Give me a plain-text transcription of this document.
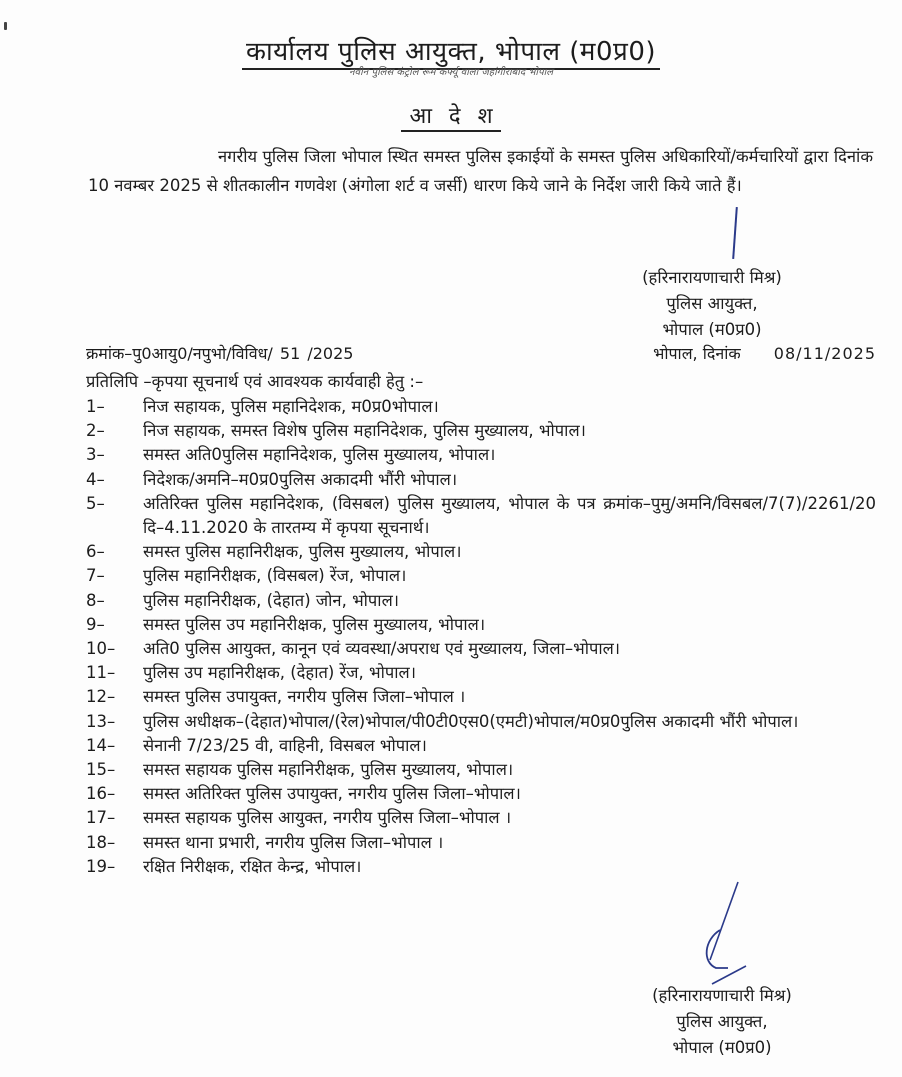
कार्यालय पुलिस आयुक्त, भोपाल (म0प्र0)
नवीन पुलिस कंट्रोल रूम कर्फ्यू वाला जहांगीराबाद भोपाल
आ दे श

नगरीय पुलिस जिला भोपाल स्थित समस्त पुलिस इकाईयों के समस्त पुलिस अधिकारियों/कर्मचारियों द्वारा दिनांक 10 नवम्बर 2025 से शीतकालीन गणवेश (अंगोला शर्ट व जर्सी) धारण किये जाने के निर्देश जारी किये जाते हैं।

(हरिनारायणाचारी मिश्र)
पुलिस आयुक्त,
भोपाल (म0प्र0)
क्रमांक–पु0आयु0/नपुभो/विविध/ 51 /2025	भोपाल, दिनांक 08/11/2025
प्रतिलिपि –कृपया सूचनार्थ एवं आवश्यक कार्यवाही हेतु :–
1–	निज सहायक, पुलिस महानिदेशक, म0प्र0भोपाल।
2–	निज सहायक, समस्त विशेष पुलिस महानिदेशक, पुलिस मुख्यालय, भोपाल।
3–	समस्त अति0पुलिस महानिदेशक, पुलिस मुख्यालय, भोपाल।
4–	निदेशक/अमनि–म0प्र0पुलिस अकादमी भौंरी भोपाल।
5–	अतिरिक्त पुलिस महानिदेशक, (विसबल) पुलिस मुख्यालय, भोपाल के पत्र क्रमांक–पुमु/अमनि/विसबल/7(7)/2261/20 दि–4.11.2020 के तारतम्य में कृपया सूचनार्थ।
6–	समस्त पुलिस महानिरीक्षक, पुलिस मुख्यालय, भोपाल।
7–	पुलिस महानिरीक्षक, (विसबल) रेंज, भोपाल।
8–	पुलिस महानिरीक्षक, (देहात) जोन, भोपाल।
9–	समस्त पुलिस उप महानिरीक्षक, पुलिस मुख्यालय, भोपाल।
10–	अति0 पुलिस आयुक्त, कानून एवं व्यवस्था/अपराध एवं मुख्यालय, जिला–भोपाल।
11–	पुलिस उप महानिरीक्षक, (देहात) रेंज, भोपाल।
12–	समस्त पुलिस उपायुक्त, नगरीय पुलिस जिला–भोपाल ।
13–	पुलिस अधीक्षक–(देहात)भोपाल/(रेल)भोपाल/पी0टी0एस0(एमटी)भोपाल/म0प्र0पुलिस अकादमी भौंरी भोपाल।
14–	सेनानी 7/23/25 वी, वाहिनी, विसबल भोपाल।
15–	समस्त सहायक पुलिस महानिरीक्षक, पुलिस मुख्यालय, भोपाल।
16–	समस्त अतिरिक्त पुलिस उपायुक्त, नगरीय पुलिस जिला–भोपाल।
17–	समस्त सहायक पुलिस आयुक्त, नगरीय पुलिस जिला–भोपाल ।
18–	समस्त थाना प्रभारी, नगरीय पुलिस जिला–भोपाल ।
19–	रक्षित निरीक्षक, रक्षित केन्द्र, भोपाल।
(हरिनारायणाचारी मिश्र)
पुलिस आयुक्त,
भोपाल (म0प्र0)
